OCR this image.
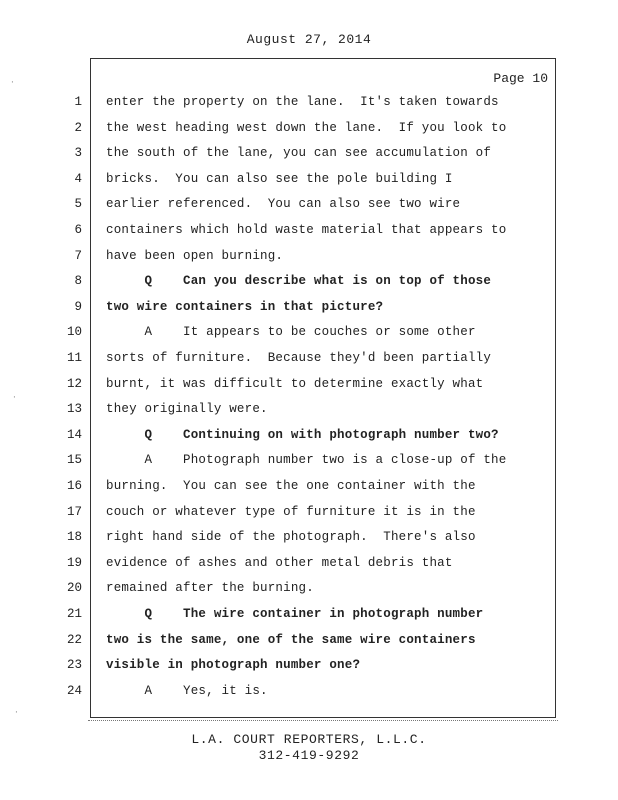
August 27, 2014
Page 10
1 enter the property on the lane.  It's taken towards
2 the west heading west down the lane.  If you look to
3 the south of the lane, you can see accumulation of
4 bricks.  You can also see the pole building I
5 earlier referenced.  You can also see two wire
6 containers which hold waste material that appears to
7 have been open burning.
8 Q    Can you describe what is on top of those
9 two wire containers in that picture?
10 A    It appears to be couches or some other
11 sorts of furniture.  Because they'd been partially
12 burnt, it was difficult to determine exactly what
13 they originally were.
14 Q    Continuing on with photograph number two?
15 A    Photograph number two is a close-up of the
16 burning.  You can see the one container with the
17 couch or whatever type of furniture it is in the
18 right hand side of the photograph.  There's also
19 evidence of ashes and other metal debris that
20 remained after the burning.
21 Q    The wire container in photograph number
22 two is the same, one of the same wire containers
23 visible in photograph number one?
24 A    Yes, it is.
L.A. COURT REPORTERS, L.L.C.
312-419-9292
·
·
·
